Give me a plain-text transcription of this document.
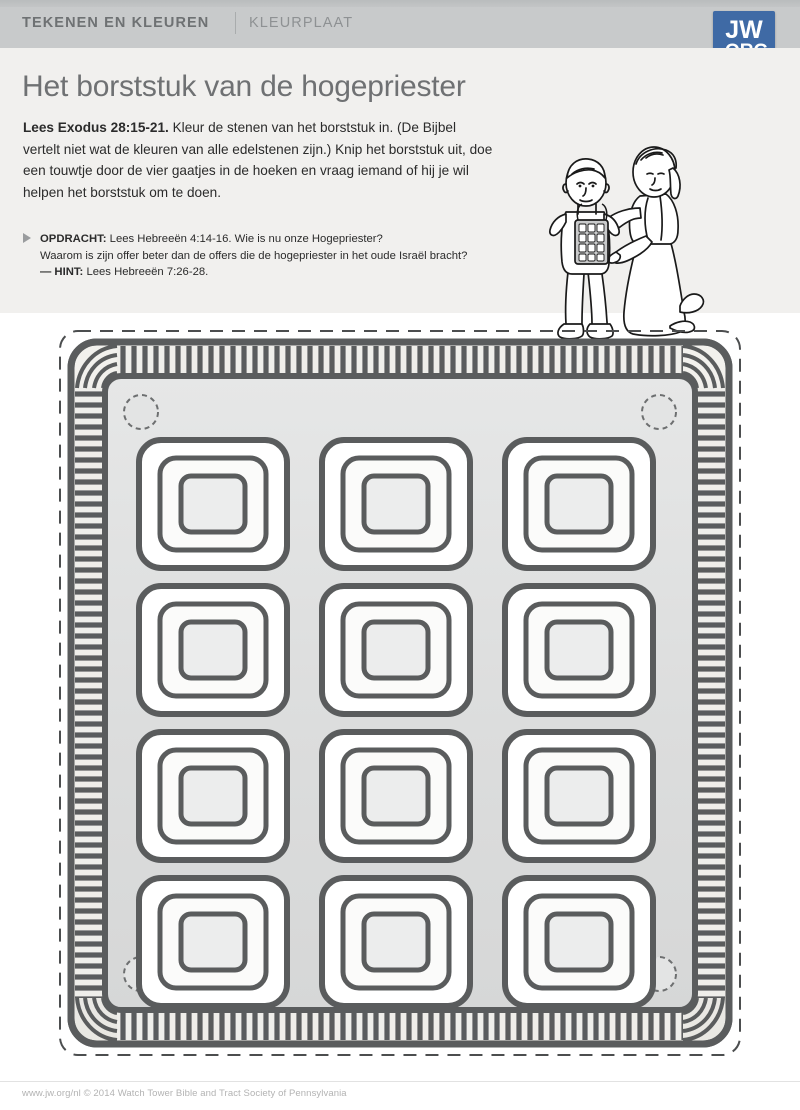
TEKENEN EN KLEUREN	KLEURPLAAT	JW
Het borststuk van de hogepriester
Lees Exodus 28:15-21. Kleur de stenen van het borststuk in. (De Bijbel vertelt niet wat de kleuren van alle edelstenen zijn.) Knip het borststuk uit, doe een touwtje door de vier gaatjes in de hoeken en vraag iemand of hij je wil helpen het borststuk om te doen.
OPDRACHT: Lees Hebreeën 4:14-16. Wie is nu onze Hogepriester?
Waarom is zijn offer beter dan de offers die de hogepriester in het oude Israël bracht?
— HINT: Lees Hebreeën 7:26-28.
www.jw.org/nl © 2014 Watch Tower Bible and Tract Society of Pennsylvania
